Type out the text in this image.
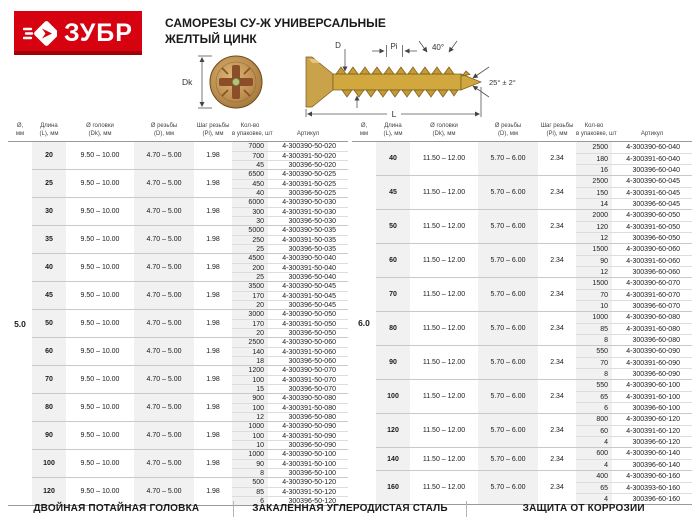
ЗУБР	САМОРЕЗЫ СУ-Ж УНИВЕРСАЛЬНЫЕ
ЖЕЛТЫЙ ЦИНК
Dk
D	Pi	40°
25° ± 2°
L
Ø,
мм
Длина
(L), мм
Ø головки
(Dk), мм
Ø резьбы
(D), мм
Шаг резьбы
(Pi), мм
Кол-во
в упаковке, шт	Артикул
5.0
20	9.50 – 10.00	4.70 – 5.00	1.98
7000	4-300390-50-020
700	4-300391-50-020
45	300396-50-020
25	9.50 – 10.00	4.70 – 5.00	1.98
6500	4-300390-50-025
450	4-300391-50-025
40	300396-50-025
30	9.50 – 10.00	4.70 – 5.00	1.98
6000	4-300390-50-030
300	4-300391-50-030
30	300396-50-030
35	9.50 – 10.00	4.70 – 5.00	1.98
5000	4-300390-50-035
250	4-300391-50-035
25	300396-50-035
40	9.50 – 10.00	4.70 – 5.00	1.98
4500	4-300390-50-040
200	4-300391-50-040
25	300396-50-040
45	9.50 – 10.00	4.70 – 5.00	1.98
3500	4-300390-50-045
170	4-300391-50-045
20	300396-50-045
50	9.50 – 10.00	4.70 – 5.00	1.98
3000	4-300390-50-050
170	4-300391-50-050
20	300396-50-050
60	9.50 – 10.00	4.70 – 5.00	1.98
2500	4-300390-50-060
140	4-300391-50-060
18	300396-50-060
70	9.50 – 10.00	4.70 – 5.00	1.98
1200	4-300390-50-070
100	4-300391-50-070
15	300396-50-070
80	9.50 – 10.00	4.70 – 5.00	1.98
900	4-300390-50-080
100	4-300391-50-080
12	300396-50-080
90	9.50 – 10.00	4.70 – 5.00	1.98
1000	4-300390-50-090
100	4-300391-50-090
10	300396-50-090
100	9.50 – 10.00	4.70 – 5.00	1.98
1000	4-300390-50-100
90	4-300391-50-100
8	300396-50-100
120	9.50 – 10.00	4.70 – 5.00	1.98
500	4-300390-50-120
85	4-300391-50-120
6	300396-50-120
Ø,
мм
Длина
(L), мм
Ø головки
(Dk), мм
Ø резьбы
(D), мм
Шаг резьбы
(Pi), мм
Кол-во
в упаковке, шт	Артикул
6.0
40	11.50 – 12.00	5.70 – 6.00	2.34
2500	4-300390-60-040
180	4-300391-60-040
16	300396-60-040
45	11.50 – 12.00	5.70 – 6.00	2.34
2500	4-300390-60-045
150	4-300391-60-045
14	300396-60-045
50	11.50 – 12.00	5.70 – 6.00	2.34
2000	4-300390-60-050
120	4-300391-60-050
12	300396-60-050
60	11.50 – 12.00	5.70 – 6.00	2.34
1500	4-300390-60-060
90	4-300391-60-060
12	300396-60-060
70	11.50 – 12.00	5.70 – 6.00	2.34
1500	4-300390-60-070
70	4-300391-60-070
10	300396-60-070
80	11.50 – 12.00	5.70 – 6.00	2.34
1000	4-300390-60-080
85	4-300391-60-080
8	300396-60-080
90	11.50 – 12.00	5.70 – 6.00	2.34
550	4-300390-60-090
70	4-300391-60-090
8	300396-60-090
100	11.50 – 12.00	5.70 – 6.00	2.34
550	4-300390-60-100
65	4-300391-60-100
6	300396-60-100
120	11.50 – 12.00	5.70 – 6.00	2.34
800	4-300390-60-120
60	4-300391-60-120
4	300396-60-120
140	11.50 – 12.00	5.70 – 6.00	2.34
600	4-300390-60-140
4	300396-60-140
160	11.50 – 12.00	5.70 – 6.00	2.34
400	4-300390-60-160
65	4-300393-60-160
4	300396-60-160
ДВОЙНАЯ ПОТАЙНАЯ ГОЛОВКА	ЗАКАЛЕННАЯ УГЛЕРОДИСТАЯ СТАЛЬ	ЗАЩИТА ОТ КОРРОЗИИ
